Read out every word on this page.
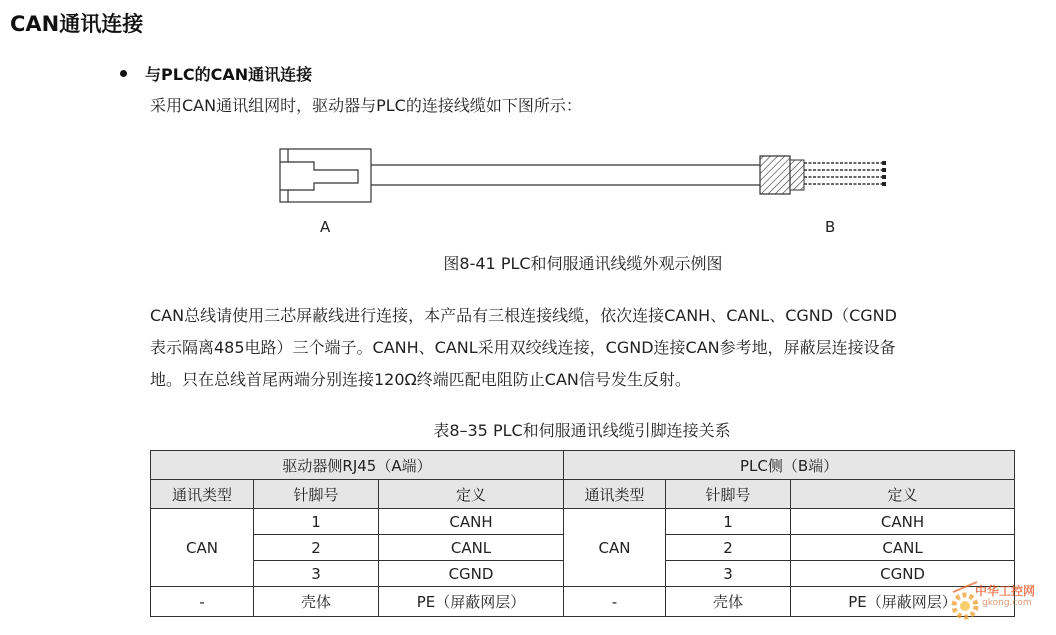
CAN通讯连接
与PLC的CAN通讯连接
采用CAN通讯组网时，驱动器与PLC的连接线缆如下图所示：
A	B
图8-41 PLC和伺服通讯线缆外观示例图
CAN总线请使用三芯屏蔽线进行连接，本产品有三根连接线缆，依次连接CANH、CANL、CGND（CGND
表示隔离485电路）三个端子。CANH、CANL采用双绞线连接，CGND连接CAN参考地，屏蔽层连接设备
地。只在总线首尾两端分别连接120Ω终端匹配电阻防止CAN信号发生反射。
表8–35 PLC和伺服通讯线缆引脚连接关系
驱动器侧RJ45（A端）			PLC侧（B端）		
通讯类型	针脚号	定义	通讯类型	针脚号	定义
CAN	1	CANH	CAN	1	CANH
	2	CANL		2	CANL
	3	CGND		3	CGND
-	壳体	PE（屏蔽网层）	-	壳体	PE（屏蔽网层）
中华工控网
gkong.com
